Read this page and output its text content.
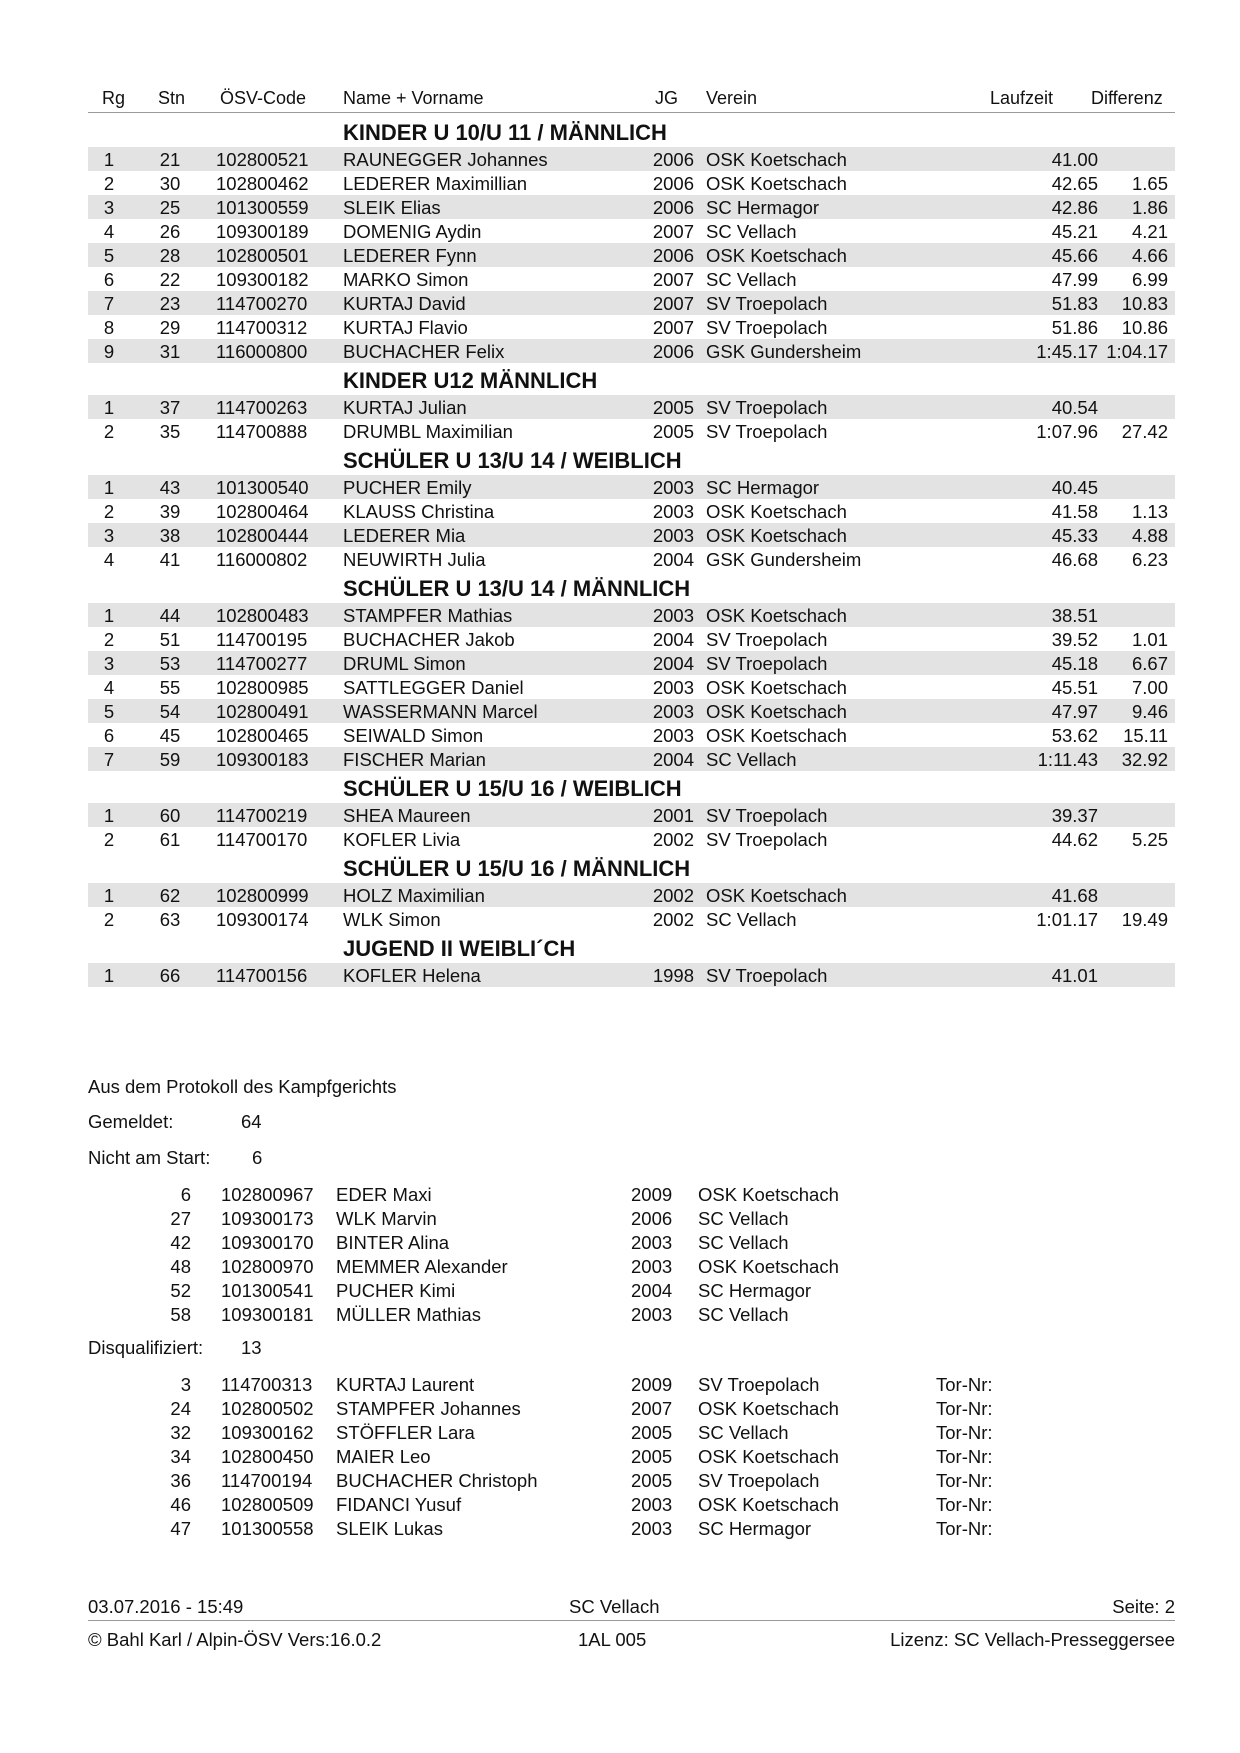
Rg Stn ÖSV-Code Name + Vorname	JG Verein	Laufzeit Differenz
KINDER U 10/U 11 / MÄNNLICH
1	21	102800521 RAUNEGGER Johannes	2006 OSK Koetschach	41.00
2	30	102800462 LEDERER Maximillian	2006 OSK Koetschach	42.65	1.65
3	25	101300559 SLEIK Elias	2006 SC Hermagor	42.86	1.86
4	26	109300189 DOMENIG Aydin	2007 SC Vellach	45.21	4.21
5	28	102800501 LEDERER Fynn	2006 OSK Koetschach	45.66	4.66
6	22	109300182 MARKO Simon	2007 SC Vellach	47.99	6.99
7	23	114700270 KURTAJ David	2007 SV Troepolach	51.83	10.83
8	29	114700312 KURTAJ Flavio	2007 SV Troepolach	51.86	10.86
9	31	116000800 BUCHACHER Felix	2006 GSK Gundersheim	1:45.17 1:04.17
KINDER U12 MÄNNLICH
1	37	114700263 KURTAJ Julian	2005 SV Troepolach	40.54
2	35	114700888 DRUMBL Maximilian	2005 SV Troepolach	1:07.96	27.42
SCHÜLER U 13/U 14 / WEIBLICH
1	43	101300540 PUCHER Emily	2003 SC Hermagor	40.45
2	39	102800464 KLAUSS Christina	2003 OSK Koetschach	41.58	1.13
3	38	102800444 LEDERER Mia	2003 OSK Koetschach	45.33	4.88
4	41	116000802 NEUWIRTH Julia	2004 GSK Gundersheim	46.68	6.23
SCHÜLER U 13/U 14 / MÄNNLICH
1	44	102800483 STAMPFER Mathias	2003 OSK Koetschach	38.51
2	51	114700195 BUCHACHER Jakob	2004 SV Troepolach	39.52	1.01
3	53	114700277 DRUML Simon	2004 SV Troepolach	45.18	6.67
4	55	102800985 SATTLEGGER Daniel	2003 OSK Koetschach	45.51	7.00
5	54	102800491 WASSERMANN Marcel	2003 OSK Koetschach	47.97	9.46
6	45	102800465 SEIWALD Simon	2003 OSK Koetschach	53.62	15.11
7	59	109300183 FISCHER Marian	2004 SC Vellach	1:11.43	32.92
SCHÜLER U 15/U 16 / WEIBLICH
1	60	114700219 SHEA Maureen	2001 SV Troepolach	39.37
2	61	114700170 KOFLER Livia	2002 SV Troepolach	44.62	5.25
SCHÜLER U 15/U 16 / MÄNNLICH
1	62	102800999 HOLZ Maximilian	2002 OSK Koetschach	41.68
2	63	109300174 WLK Simon	2002 SC Vellach	1:01.17	19.49
JUGEND II WEIBLI´CH
1	66	114700156 KOFLER Helena	1998 SV Troepolach	41.01
Aus dem Protokoll des Kampfgerichts
Gemeldet:	64
Nicht am Start: 6
6 102800967 EDER Maxi	2009 OSK Koetschach
27 109300173 WLK Marvin	2006 SC Vellach
42 109300170 BINTER Alina	2003 SC Vellach
48 102800970 MEMMER Alexander	2003 OSK Koetschach
52 101300541 PUCHER Kimi	2004 SC Hermagor
58 109300181 MÜLLER Mathias	2003 SC Vellach
Disqualifiziert: 13
3 114700313 KURTAJ Laurent	2009 SV Troepolach	Tor-Nr:
24 102800502 STAMPFER Johannes	2007 OSK Koetschach	Tor-Nr:
32 109300162 STÖFFLER Lara	2005 SC Vellach	Tor-Nr:
34 102800450 MAIER Leo	2005 OSK Koetschach	Tor-Nr:
36 114700194 BUCHACHER Christoph	2005 SV Troepolach	Tor-Nr:
46 102800509 FIDANCI Yusuf	2003 OSK Koetschach	Tor-Nr:
47 101300558 SLEIK Lukas	2003 SC Hermagor	Tor-Nr:
03.07.2016 - 15:49	SC Vellach	Seite: 2
© Bahl Karl / Alpin-ÖSV Vers:16.0.2	1AL 005	Lizenz: SC Vellach-Presseggersee
